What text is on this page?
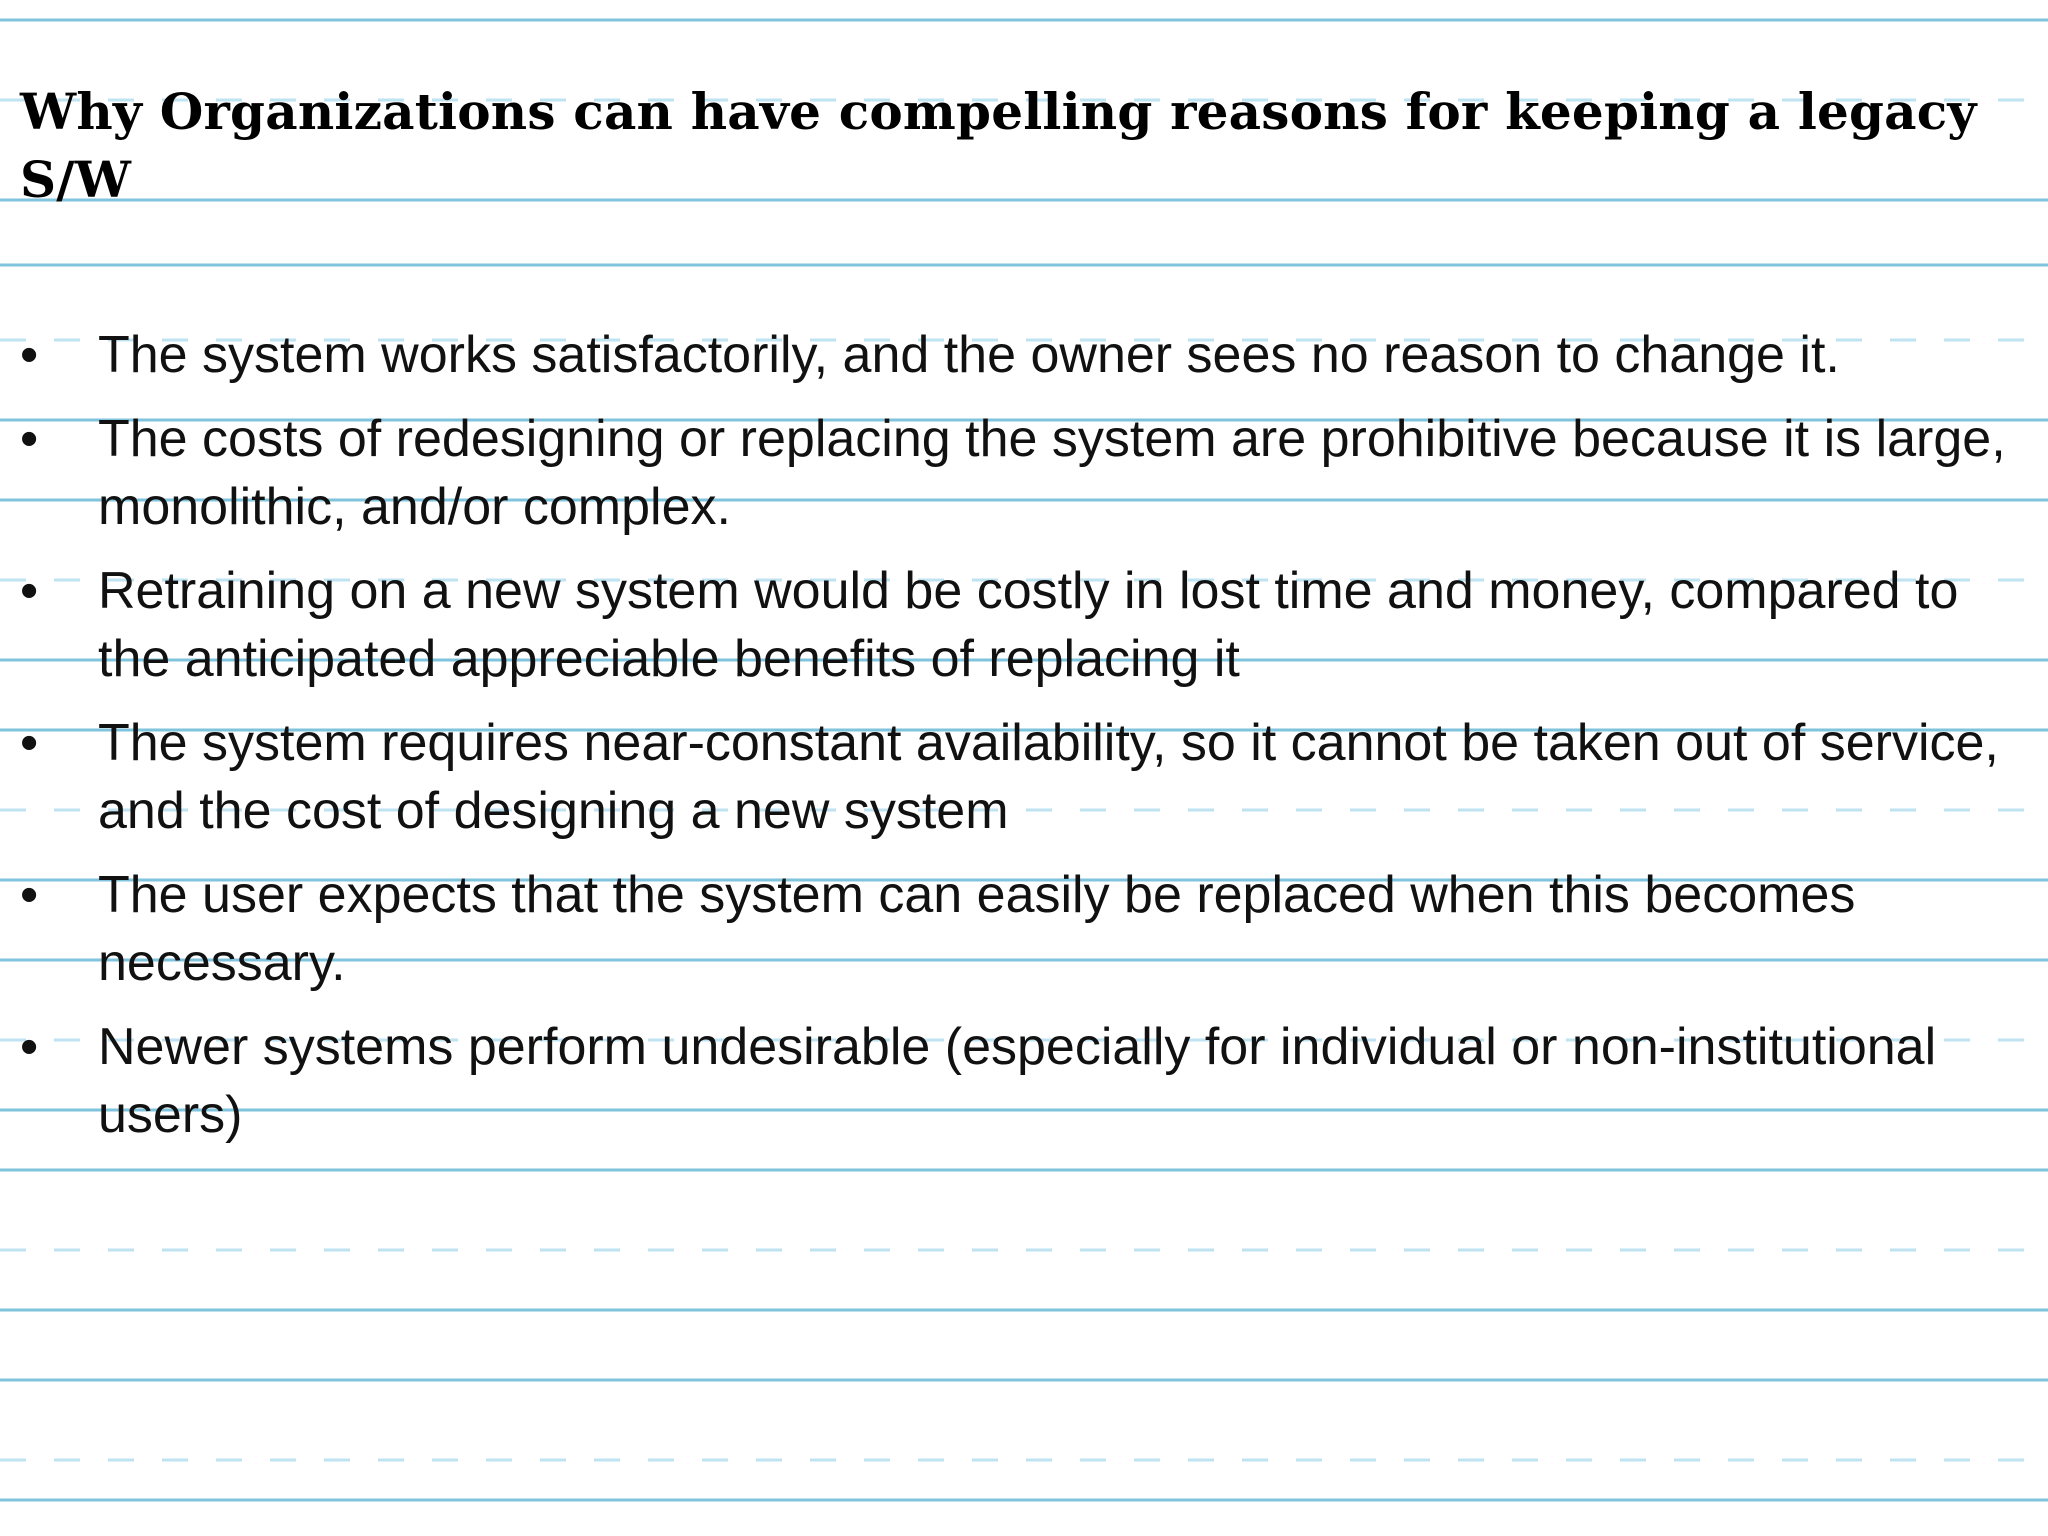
Why Organizations can have compelling reasons for keeping a legacy S/W
•	The system works satisfactorily, and the owner sees no reason to change it.
•	The costs of redesigning or replacing the system are prohibitive because it is large, monolithic, and/or complex.
•	Retraining on a new system would be costly in lost time and money, compared to the anticipated appreciable benefits of replacing it
•	The system requires near-constant availability, so it cannot be taken out of service, and the cost of designing a new system
•	The user expects that the system can easily be replaced when this becomes necessary.
•	Newer systems perform undesirable (especially for individual or non-institutional users)
